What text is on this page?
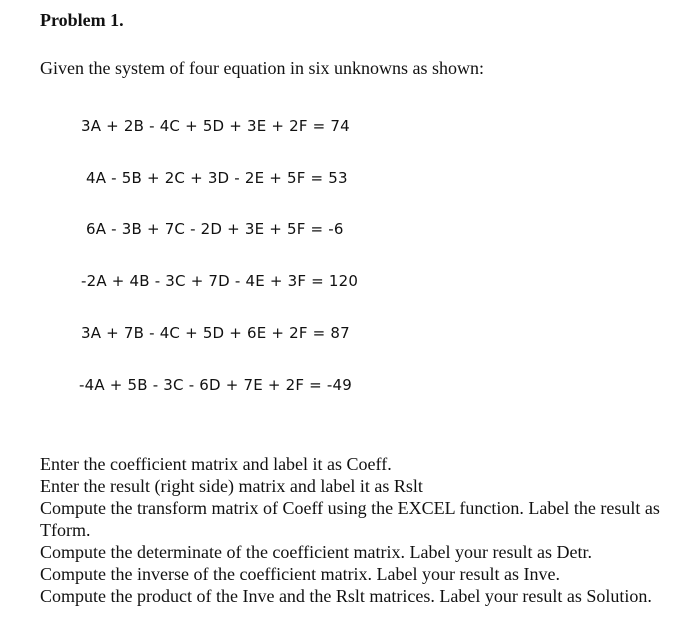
Problem 1.
Given the system of four equation in six unknowns as shown:
3A + 2B - 4C + 5D + 3E + 2F = 74
4A - 5B + 2C + 3D - 2E + 5F = 53
6A - 3B + 7C - 2D + 3E + 5F = -6
-2A + 4B - 3C + 7D - 4E + 3F = 120
3A + 7B - 4C + 5D + 6E + 2F = 87
-4A + 5B - 3C - 6D + 7E + 2F = -49

Enter the coefficient matrix and label it as Coeff.

Enter the result (right side) matrix and label it as Rslt

Compute the transform matrix of Coeff using the EXCEL function. Label the result as Tform.

Compute the determinate of the coefficient matrix. Label your result as Detr.

Compute the inverse of the coefficient matrix. Label your result as Inve.

Compute the product of the Inve and the Rslt matrices. Label your result as Solution.
